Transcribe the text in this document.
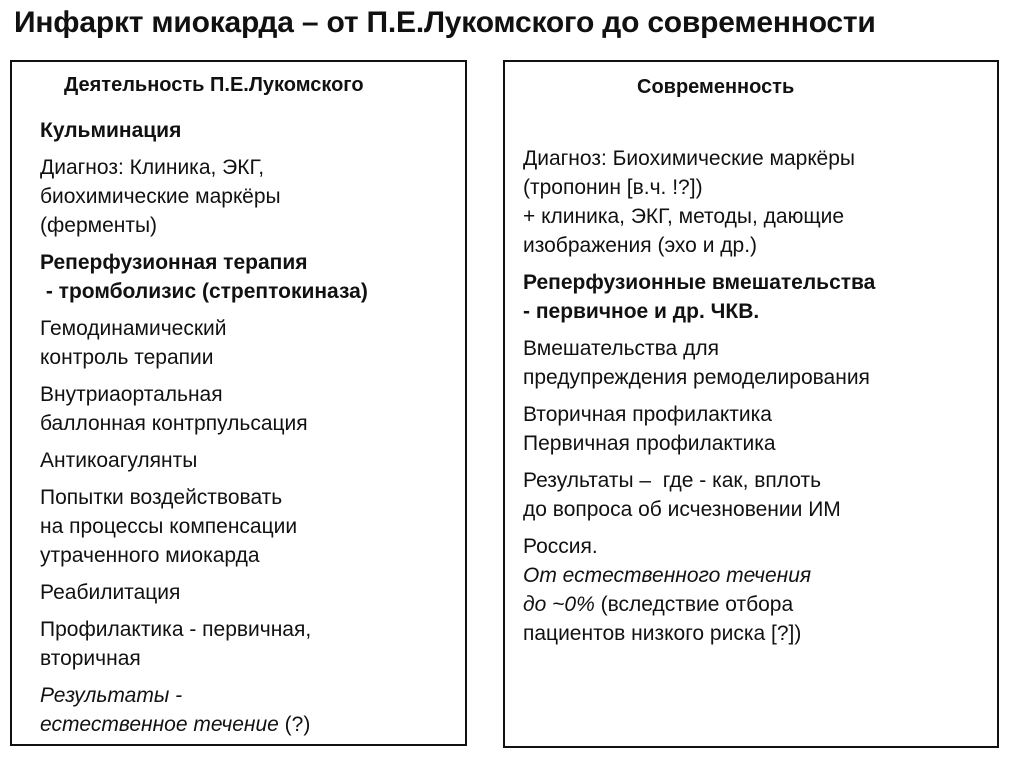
Инфаркт миокарда – от П.Е.Лукомского до современности
Деятельность П.Е.Лукомского
Кульминация
Диагноз: Клиника, ЭКГ,
биохимические маркёры
(ферменты)
Реперфузионная терапия
- тромболизис (стрептокиназа)
Гемодинамический
контроль терапии
Внутриаортальная
баллонная контрпульсация
Антикоагулянты
Попытки воздействовать
на процессы компенсации
утраченного миокарда
Реабилитация
Профилактика - первичная,
вторичная
Результаты -
естественное течение (?)
Современность
Диагноз: Биохимические маркёры
(тропонин [в.ч. !?])
+ клиника, ЭКГ, методы, дающие
изображения (эхо и др.)
Реперфузионные вмешательства
- первичное и др. ЧКВ.
Вмешательства для
предупреждения ремоделирования
Вторичная профилактика
Первичная профилактика
Результаты –  где - как, вплоть
до вопроса об исчезновении ИМ
Россия.
От естественного течения
до ~0% (вследствие отбора
пациентов низкого риска [?])
